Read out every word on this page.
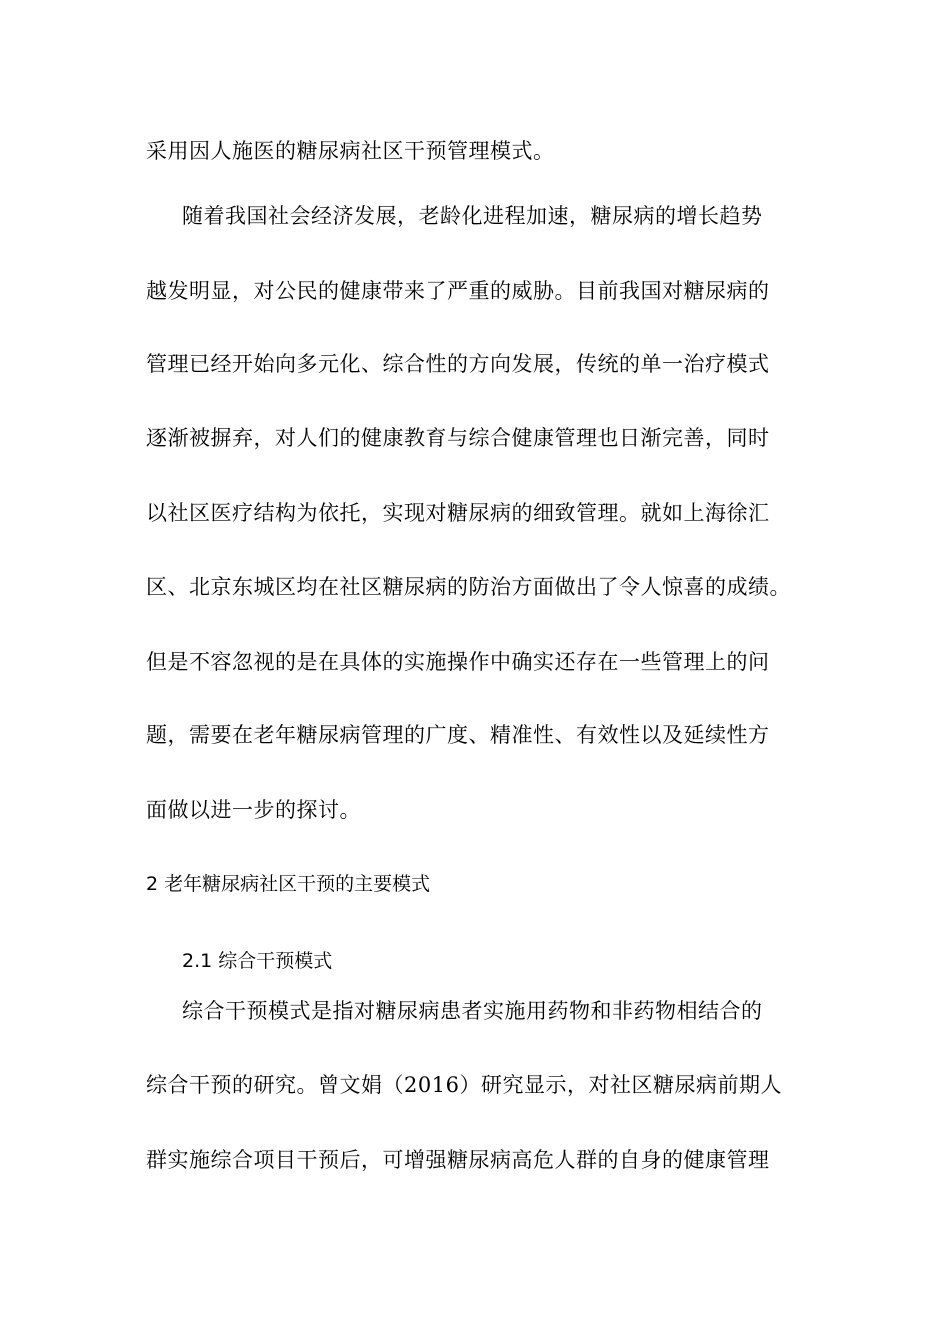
采用因人施医的糖尿病社区干预管理模式。
随着我国社会经济发展，老龄化进程加速，糖尿病的增长趋势
越发明显，对公民的健康带来了严重的威胁。目前我国对糖尿病的
管理已经开始向多元化、综合性的方向发展，传统的单一治疗模式
逐渐被摒弃，对人们的健康教育与综合健康管理也日渐完善，同时
以社区医疗结构为依托，实现对糖尿病的细致管理。就如上海徐汇
区、北京东城区均在社区糖尿病的防治方面做出了令人惊喜的成绩。
但是不容忽视的是在具体的实施操作中确实还存在一些管理上的问
题，需要在老年糖尿病管理的广度、精准性、有效性以及延续性方
面做以进一步的探讨。
2 老年糖尿病社区干预的主要模式
2.1 综合干预模式
综合干预模式是指对糖尿病患者实施用药物和非药物相结合的
综合干预的研究。曾文娟（2016）研究显示，对社区糖尿病前期人
群实施综合项目干预后，可增强糖尿病高危人群的自身的健康管理
